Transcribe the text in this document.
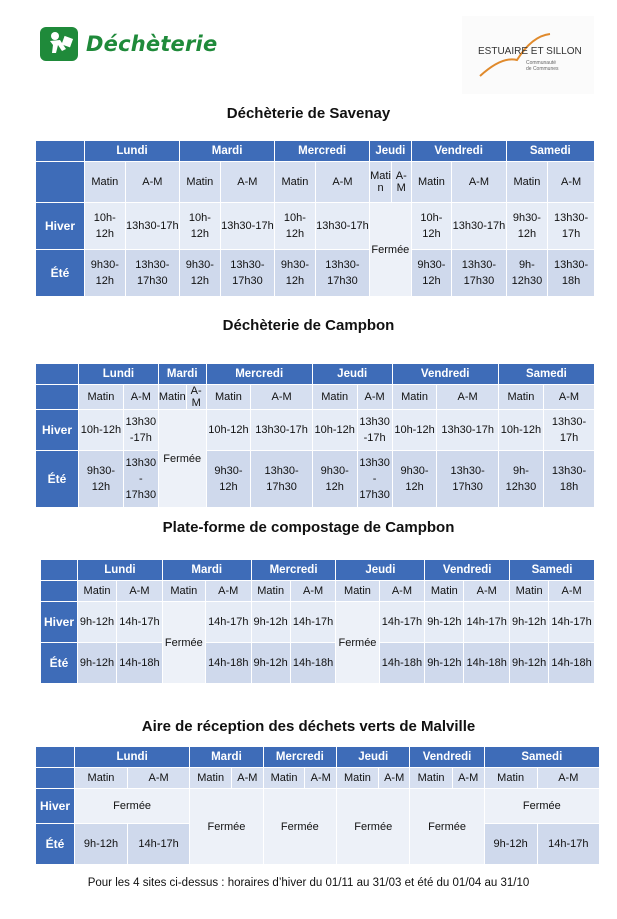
Déchèterie	ESTUAIRE ET SILLON
Communauté
de Communes
Déchèterie de Savenay
	Lundi		Mardi		Mercredi		Jeudi		Vendredi		Samedi	
	Matin	A-M	Matin	A-M	Matin	A-M	Mati n	A-M	Matin	A-M	Matin	A-M
Hiver	10h-12h	13h30-17h	10h-12h	13h30-17h	10h-12h	13h30-17h	Fermée		10h-12h	13h30-17h	9h30-12h	13h30-17h
Été	9h30-12h	13h30-17h30	9h30-12h	13h30-17h30	9h30-12h	13h30-17h30			9h30-12h	13h30-17h30	9h-12h30	13h30-18h
Déchèterie de Campbon
	Lundi		Mardi		Mercredi		Jeudi		Vendredi		Samedi	
	Matin	A-M	Matin	A-M	Matin	A-M	Matin	A-M	Matin	A-M	Matin	A-M
Hiver	10h-12h	13h30 -17h	Fermée		10h-12h	13h30-17h	10h-12h	13h30 -17h	10h-12h	13h30-17h	10h-12h	13h30-17h
Été	9h30-12h	13h30 - 17h30			9h30-12h	13h30-17h30	9h30-12h	13h30 - 17h30	9h30-12h	13h30-17h30	9h-12h30	13h30-18h
Plate-forme de compostage de Campbon
	Lundi		Mardi		Mercredi		Jeudi		Vendredi		Samedi	
	Matin	A-M	Matin	A-M	Matin	A-M	Matin	A-M	Matin	A-M	Matin	A-M
Hiver	9h-12h	14h-17h	Fermée	14h-17h	9h-12h	14h-17h	Fermée	14h-17h	9h-12h	14h-17h	9h-12h	14h-17h
Été	9h-12h	14h-18h		14h-18h	9h-12h	14h-18h		14h-18h	9h-12h	14h-18h	9h-12h	14h-18h
Aire de réception des déchets verts de Malville
	Lundi		Mardi		Mercredi		Jeudi		Vendredi		Samedi	
	Matin	A-M	Matin	A-M	Matin	A-M	Matin	A-M	Matin	A-M	Matin	A-M
Hiver	Fermée		Fermée		Fermée		Fermée		Fermée		Fermée	
Été	9h-12h	14h-17h									9h-12h	14h-17h
Pour les 4 sites ci-dessus : horaires d’hiver du 01/11 au 31/03 et été du 01/04 au 31/10
